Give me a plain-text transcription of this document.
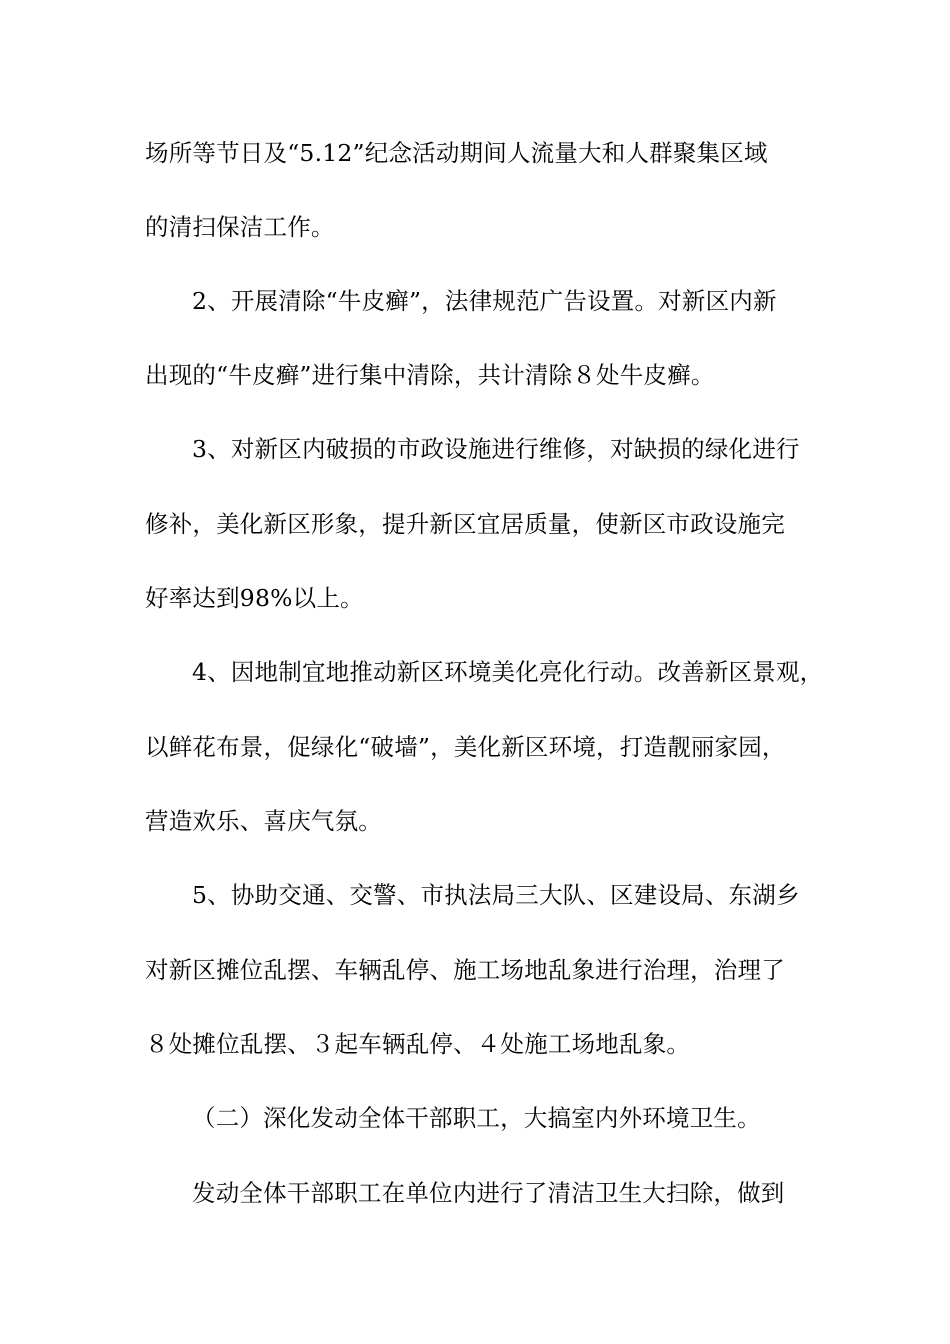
场所等节日及“5.12”纪念活动期间人流量大和人群聚集区域
的清扫保洁工作。
2、开展清除“牛皮癣”，法律规范广告设置。对新区内新
出现的“牛皮癣”进行集中清除，共计清除８处牛皮癣。
3、对新区内破损的市政设施进行维修，对缺损的绿化进行
修补，美化新区形象，提升新区宜居质量，使新区市政设施完
好率达到98%以上。
4、因地制宜地推动新区环境美化亮化行动。改善新区景观，
以鲜花布景，促绿化“破墙”，美化新区环境，打造靓丽家园，
营造欢乐、喜庆气氛。
5、协助交通、交警、市执法局三大队、区建设局、东湖乡
对新区摊位乱摆、车辆乱停、施工场地乱象进行治理，治理了
８处摊位乱摆、３起车辆乱停、４处施工场地乱象。
（二）深化发动全体干部职工，大搞室内外环境卫生。
发动全体干部职工在单位内进行了清洁卫生大扫除，做到
